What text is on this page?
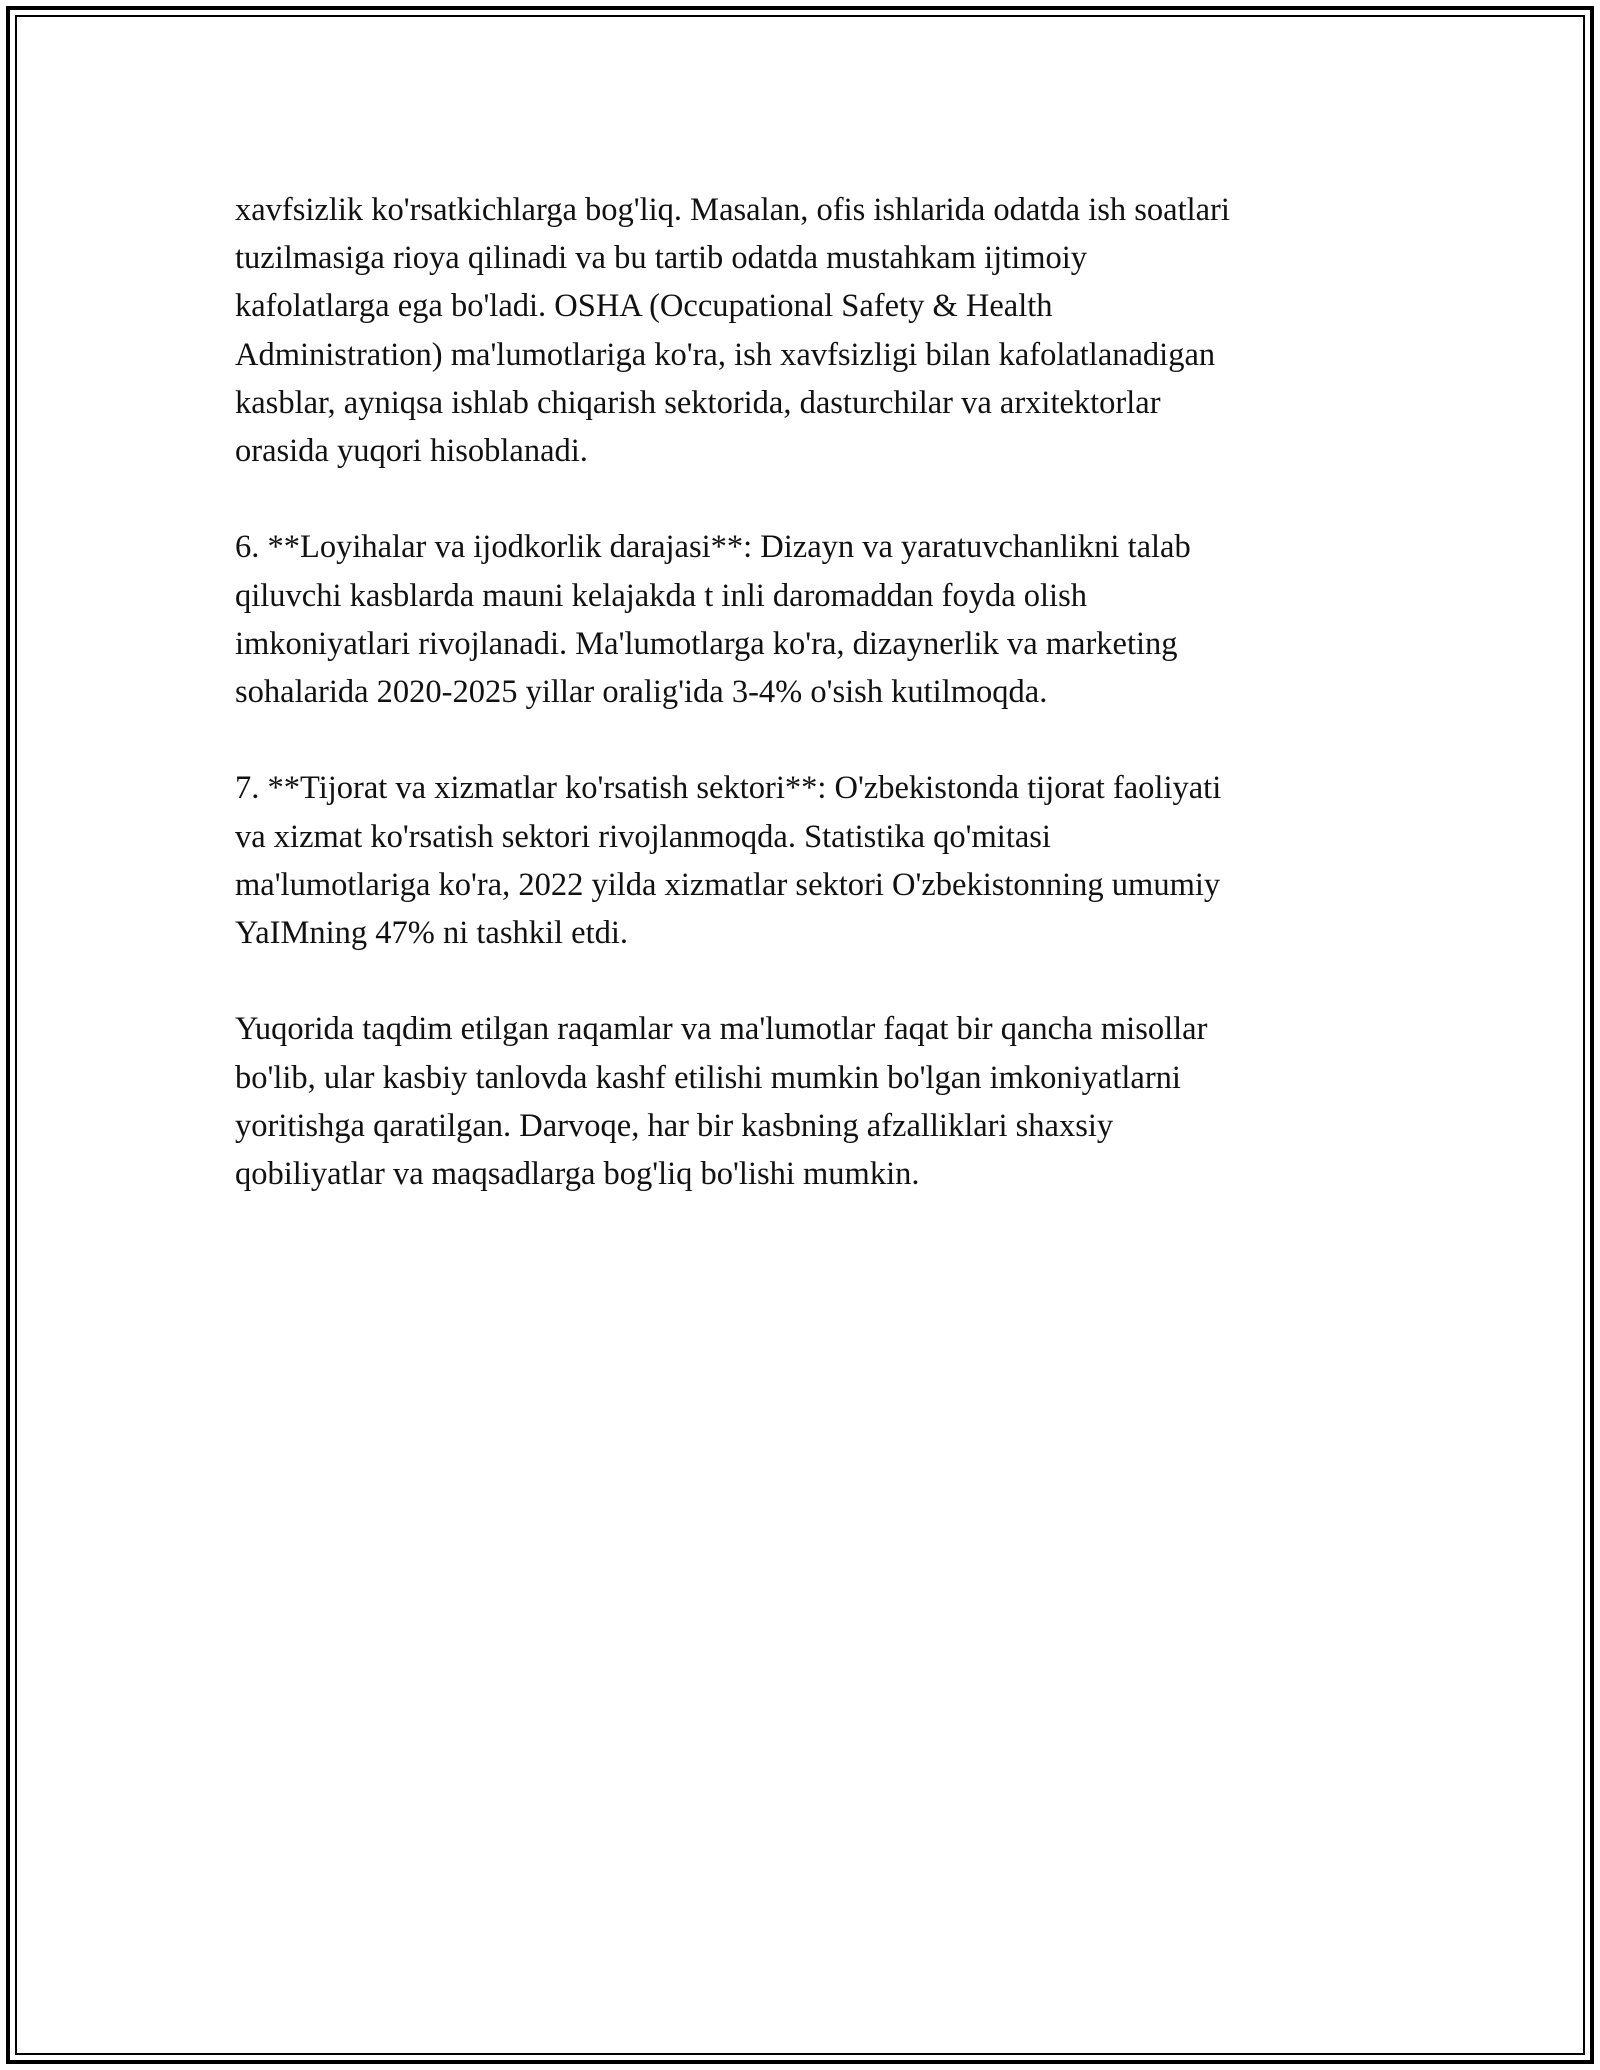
xavfsizlik ko'rsatkichlarga bog'liq. Masalan, ofis ishlarida odatda ish soatlari
tuzilmasiga rioya qilinadi va bu tartib odatda mustahkam ijtimoiy
kafolatlarga ega bo'ladi. OSHA (Occupational Safety & Health
Administration) ma'lumotlariga ko'ra, ish xavfsizligi bilan kafolatlanadigan
kasblar, ayniqsa ishlab chiqarish sektorida, dasturchilar va arxitektorlar
orasida yuqori hisoblanadi.

6. **Loyihalar va ijodkorlik darajasi**: Dizayn va yaratuvchanlikni talab
qiluvchi kasblarda mauni kelajakda t inli daromaddan foyda olish
imkoniyatlari rivojlanadi. Ma'lumotlarga ko'ra, dizaynerlik va marketing
sohalarida 2020-2025 yillar oralig'ida 3-4% o'sish kutilmoqda.

7. **Tijorat va xizmatlar ko'rsatish sektori**: O'zbekistonda tijorat faoliyati
va xizmat ko'rsatish sektori rivojlanmoqda. Statistika qo'mitasi
ma'lumotlariga ko'ra, 2022 yilda xizmatlar sektori O'zbekistonning umumiy
YaIMning 47% ni tashkil etdi.

Yuqorida taqdim etilgan raqamlar va ma'lumotlar faqat bir qancha misollar
bo'lib, ular kasbiy tanlovda kashf etilishi mumkin bo'lgan imkoniyatlarni
yoritishga qaratilgan. Darvoqe, har bir kasbning afzalliklari shaxsiy
qobiliyatlar va maqsadlarga bog'liq bo'lishi mumkin.
